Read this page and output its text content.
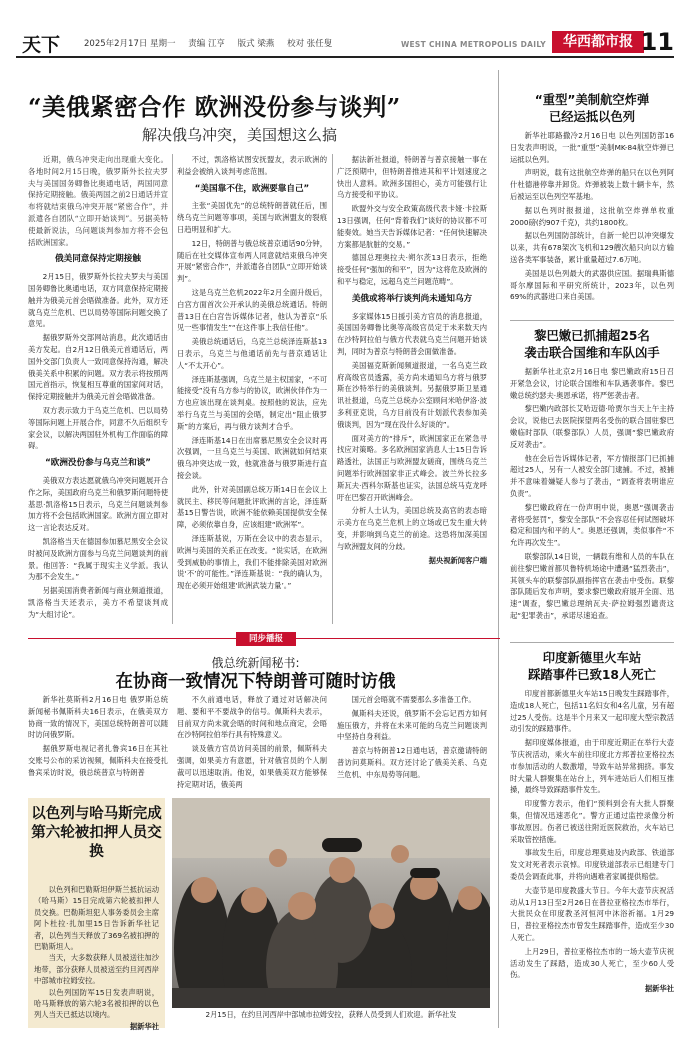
天下	2025年2月17日 星期一 责编 江亨 版式 梁燕 校对 张任叟	WEST CHINA METROPOLIS DAILY	华西都市报 11
“美俄紧密合作 欧洲没份参与谈判”
解决俄乌冲突，美国想这么搞

近期，俄乌冲突走向出现重大变化。各地时间2月15日晚，俄罗斯外长拉夫罗夫与美国国务卿鲁比奥通电话，两国同意保持定期接触。俄美两国之前2日通话并宣布将就结束俄乌冲突开展“紧密合作”，并派遣各自团队“立即开始谈判”。另据美特使最新说法，乌问题谈判参加方将不会包括欧洲国家。

俄美同意保持定期接触

2月15日，俄罗斯外长拉夫罗夫与美国国务卿鲁比奥通电话，双方同意保持定期接触并为俄美元首会晤做准备。此外，双方还就乌克兰危机、巴以局势等国际问题交换了意见。

据俄罗斯外交部网站消息，此次通话由美方发起。自2月12日俄美元首通话后，两国外交部门负责人一致同意保持沟通，解决俄美关系中积累的问题。双方表示将按照两国元首指示，恢复相互尊重的国家间对话，保持定期接触并为俄美元首会晤做准备。

双方表示致力于乌克兰危机、巴以局势等国际问题上开展合作，同意不久后组织专家会议，以解决两国驻外机构工作面临的障碍。

“欧洲没份参与乌克兰和谈”

美俄双方表达愿就俄乌冲突问题展开合作之际，美国政府乌克兰和俄罗斯问题特使基思·凯洛格15日表示，乌克兰问题谈判参加方将不会包括欧洲国家。欧洲方面立即对这一言论表达反对。

凯洛格当天在德国参加慕尼黑安全会议时被问及欧洲方面参与乌克兰问题谈判的前景。他回答：“我属于现实主义学派。我认为那不会发生。”

另据美国消费者新闻与商业频道报道，凯洛格当天还表示，美方不希望谈判成为“大组讨论”。

不过，凯洛格试图安抚盟友，表示欧洲的利益会被纳入谈判考虑范围。

“美国靠不住，欧洲要靠自己”

主张“美国优先”的总统特朗普就任后，围绕乌克兰问题等事项，美国与欧洲盟友的裂痕日趋明显和扩大。

12日，特朗普与俄总统普京通话90分钟，随后在社交媒体宣布两人同意就结束俄乌冲突开展“紧密合作”，并派遣各自团队“立即开始谈判”。

这是乌克兰危机2022年2月全面升级后，白宫方面首次公开承认的美俄总统通话。特朗普13日在白宫告诉媒体记者，他认为普京“乐见一些事情发生”“在这件事上我信任他”。

美俄总统通话后，乌克兰总统泽连斯基13日表示，乌克兰与他通话前先与普京通话让人“不太开心”。

泽连斯基强调，乌克兰是主权国家，“不可能接受”没有乌方参与的协议，欧洲伙伴作为一方也应该出现在谈判桌。按照他的说法，应先举行乌克兰与美国的会晤，制定出“阻止俄罗斯”的方案后，再与俄方谈判才合乎。

泽连斯基14日在出席慕尼黑安全会议时再次强调，一旦乌克兰与美国、欧洲就如何结束俄乌冲突达成一致，他就准备与俄罗斯进行直接会谈。

此外，针对美国副总统万斯14日在会议上就民主、移民等问题批评欧洲的言论，泽连斯基15日警告说，欧洲不能依赖美国提供安全保障，必须依靠自身，应该组建“欧洲军”。

泽连斯基说，万斯在会议中的表态显示，欧洲与美国的关系正在改变。“说实话，在欧洲受到威胁的事情上，我们不能排除美国对欧洲说‘不’的可能性。”泽连斯基说：“我的确认为，现在必须开始组建‘欧洲武装力量’。”

据法新社报道，特朗普与普京接触一事在广泛预期中，但特朗普推进其和平计划速度之快出人意料。欧洲多国担心，美方可能强行让乌方接受和平协议。

欧盟外交与安全政策高级代表卡娅·卡拉斯13日强调，任何“背着我们”谈好的协议都不可能奏效。她当天告诉媒体记者：“任何快速解决方案都是肮脏的交易。”

德国总理奥拉夫·朔尔茨13日表示，拒绝接受任何“强加的和平”，因为“这将危及欧洲的和平与稳定，远超乌克兰问题范畴”。

美俄或将举行谈判尚未通知乌方

多家媒体15日援引美方官员的消息报道，美国国务卿鲁比奥等高级官员定于未来数天内在沙特阿拉伯与俄方代表就乌克兰问题开始谈判，同时为普京与特朗普会面做准备。

美国福克斯新闻频道报道，一名乌克兰政府高级官员透露，美方尚未通知乌方将与俄罗斯在沙特举行的美俄谈判。另据俄罗斯卫星通讯社报道，乌克兰总统办公室顾问米哈伊洛·波多利亚克说，乌方目前没有计划派代表参加美俄谈判，因为“现在没什么好谈的”。

面对美方的“排斥”，欧洲国家正在紧急寻找应对策略。多名欧洲国家消息人士15日告诉路透社，法国正与欧洲盟友磋商，围绕乌克兰问题举行欧洲国家非正式峰会。波兰外长拉多斯瓦夫·西科尔斯基也证实，法国总统马克龙呼吁在巴黎召开欧洲峰会。

分析人士认为，美国总统及高官的表态暗示美方在乌克兰危机上的立场或已发生重大转变，并影响到乌克兰的前途。这恐将加深美国与欧洲盟友间的分歧。

据央视新闻客户端
同步播报
俄总统新闻秘书:
在协商一致情况下特朗普可随时访俄

新华社莫斯科2月16日电 俄罗斯总统新闻秘书佩斯科夫16日表示，在俄美双方协商一致的情况下，美国总统特朗普可以随时访问俄罗斯。

据俄罗斯电视记者扎鲁宾16日在其社交账号公布的采访视频，佩斯科夫在接受扎鲁宾采访时说，俄总统普京与特朗普

不久前通电话，释放了通过对话解决问题、要和平不要战争的信号。佩斯科夫表示，目前双方尚未就会晤的时间和地点商定，会晤在沙特阿拉伯举行具有特殊意义。

谈及俄方官员访问美国的前景，佩斯科夫强调，如果美方有意愿，针对俄官员的个人制裁可以迅速取消。他说，如果俄美双方能够保持定期对话，俄美两

国元首会晤就不需要那么多准备工作。

佩斯科夫还说，俄罗斯不会忘记西方如何施压俄方，并将在未来可能的乌克兰问题谈判中坚持自身利益。

普京与特朗普12日通电话，普京邀请特朗普访问莫斯科。双方还讨论了俄美关系、乌克兰危机、中东局势等问题。

以色列与哈马斯完成第六轮被扣押人员交换

以色列和巴勒斯坦伊斯兰抵抗运动（哈马斯）15日完成第六轮被扣押人员交换。巴勒斯坦犯人事务委员会主席阿卜杜拉·扎加里15日告诉新华社记者，以色列当天释放了369名被扣押的巴勒斯坦人。

当天，大多数获释人员被送往加沙地带，部分获释人员被送至约旦河西岸中部城市拉姆安拉。

以色列国防军15日发表声明说，哈马斯释放的第六轮3名被扣押的以色列人当天已抵达以境内。

据新华社
2月15日，在约旦河西岸中部城市拉姆安拉，获释人员受到人们欢迎。新华社发
“重型”美制航空炸弹
已经运抵以色列

新华社耶路撒冷2月16日电 以色列国防部16日发表声明说，一批“重型”美制MK-84航空炸弹已运抵以色列。

声明说，载有这批航空炸弹的船只在以色列阿什杜德港停靠并卸货。炸弹被装上数十辆卡车，然后被运至以色列空军基地。

据以色列时报报道，这批航空炸弹单枚重2000磅(约907千克)，共约1800枚。

据以色列国防部统计，自新一轮巴以冲突爆发以来，共有678架次飞机和129艘次船只向以方输送各类军事装备，累计重量超过7.6万吨。

美国是以色列最大的武器供应国。据瑞典斯德哥尔摩国际和平研究所统计，2023年，以色列69%的武器进口来自美国。

黎巴嫩已抓捕超25名
袭击联合国维和车队凶手

据新华社北京2月16日电 黎巴嫩政府15日召开紧急会议，讨论联合国维和车队遇袭事件。黎巴嫩总统约瑟夫·奥恩承诺，将严惩袭击者。

黎巴嫩内政部长艾哈迈德·哈贾尔当天上午主持会议，说他已去医院探望两名受伤的联合国驻黎巴嫩临时部队（联黎部队）人员，强调“黎巴嫩政府反对袭击”。

他在会后告诉媒体记者，军方情报部门已抓捕超过25人，另有一人被安全部门逮捕。不过，被捕并不意味着嫌疑人参与了袭击，“调查将表明谁应负责”。

黎巴嫩政府在一份声明中说，奥恩“强调袭击者将受惩罚”，黎安全部队“不会容忍任何试图破坏稳定和国内和平的人”。奥恩还强调，类似事件“不允许再次发生”。

联黎部队14日说，一辆载有维和人员的车队在前往黎巴嫩首都贝鲁特机场途中遭遇“猛烈袭击”，其领头车的联黎部队副指挥官在袭击中受伤。联黎部队随后发布声明，要求黎巴嫩政府展开全面、迅速“调查，黎巴嫩总理纳瓦夫·萨拉姆强烈谴责这起“犯罪袭击”，承诺尽速追查。

印度新德里火车站
踩踏事件已致18人死亡

印度首都新德里火车站15日晚发生踩踏事件，造成18人死亡，包括11名妇女和4名儿童，另有超过25人受伤。这是半个月来又一起印度大型宗教活动引发的踩踏事件。

据印度媒体报道，由于印度近期正在举行大壶节庆祝活动，乘火车前往印度北方邦普拉亚格拉杰市参加活动的人数激增，导致车站异常拥挤。事发时大量人群聚集在站台上，列车进站后人们相互推搡，最终导致踩踏事件发生。

印度警方表示，他们“预料到会有大批人群聚集，但情况迅速恶化”。警方正通过监控录像分析事故原因。伤者已被送往附近医院救治，火车站已采取管控措施。

事故发生后，印度总理莫迪及内政部、铁道部发文对死者表示哀悼。印度铁道部表示已组建专门委员会调查此事，并将向遇难者家属提供赔偿。

大壶节是印度教盛大节日。今年大壶节庆祝活动从1月13日至2月26日在普拉亚格拉杰市举行，大批民众在印度教圣河恒河中沐浴祈福。1月29日，普拉亚格拉杰市曾发生踩踏事件，造成至少30人死亡。

上月29日，普拉亚格拉杰市的一场大壶节庆祝活动发生了踩踏，造成30人死亡，至少60人受伤。

据新华社
